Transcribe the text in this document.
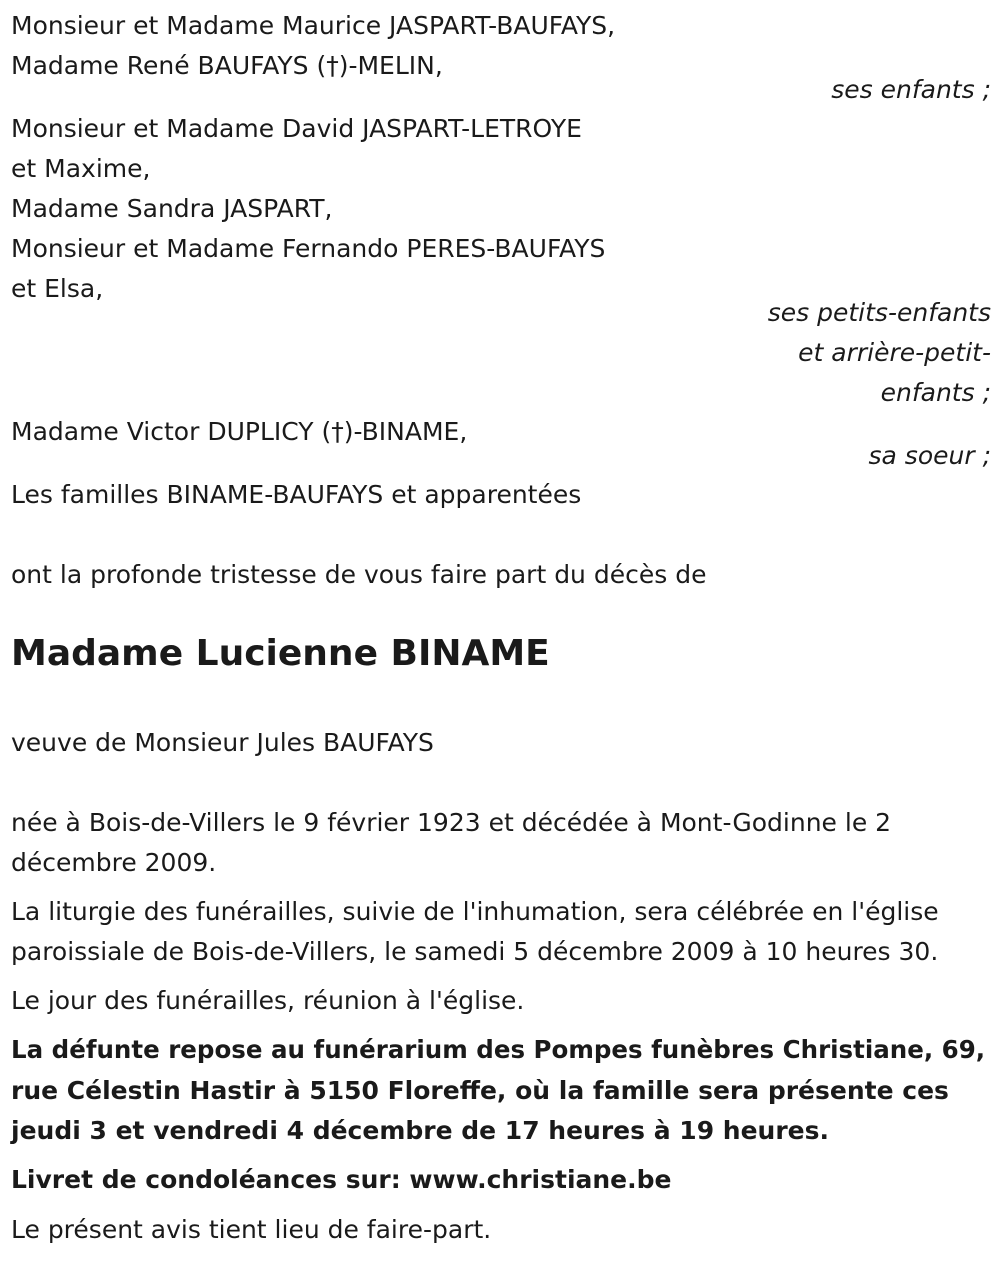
Monsieur et Madame Maurice JASPART-BAUFAYS,
Madame René BAUFAYS (†)-MELIN,
ses enfants ;
Monsieur et Madame David JASPART-LETROYE
et Maxime,
Madame Sandra JASPART,
Monsieur et Madame Fernando PERES-BAUFAYS
et Elsa,
ses petits-enfants
et arrière-petit-
enfants ;
Madame Victor DUPLICY (†)-BINAME,
sa soeur ;
Les familles BINAME-BAUFAYS et apparentées
ont la profonde tristesse de vous faire part du décès de
Madame Lucienne BINAME
veuve de Monsieur Jules BAUFAYS
née à Bois-de-Villers le 9 février 1923 et décédée à Mont-Godinne le 2
décembre 2009.
La liturgie des funérailles, suivie de l'inhumation, sera célébrée en l'église
paroissiale de Bois-de-Villers, le samedi 5 décembre 2009 à 10 heures 30.
Le jour des funérailles, réunion à l'église.
La défunte repose au funérarium des Pompes funèbres Christiane, 69,
rue Célestin Hastir à 5150 Floreffe, où la famille sera présente ces
jeudi 3 et vendredi 4 décembre de 17 heures à 19 heures.
Livret de condoléances sur: www.christiane.be
Le présent avis tient lieu de faire-part.
